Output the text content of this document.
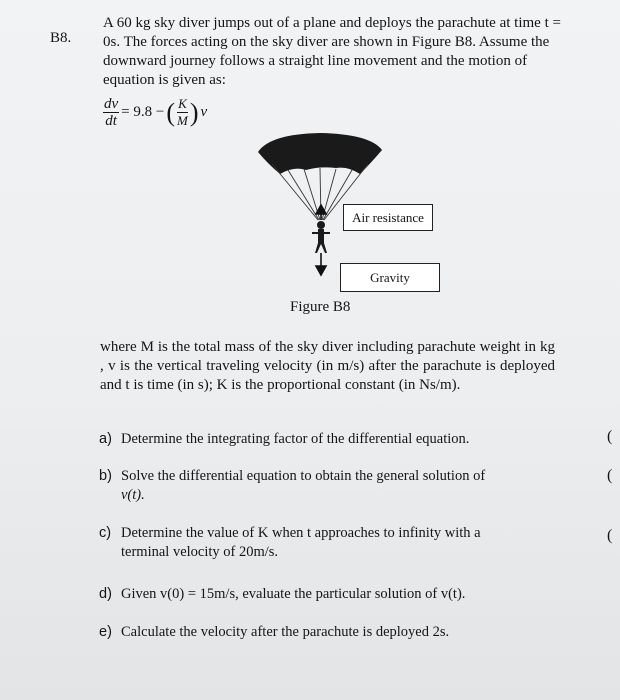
B8.
A 60 kg sky diver jumps out of a plane and deploys the parachute at time t = 0s. The forces acting on the sky diver are shown in Figure B8. Assume the downward journey follows a straight line movement and the motion of equation is given as:
$\frac{dv}{dt} = 9.8$ − ( $\frac{K}{M}$ ) v
Air resistance
Gravity
Figure B8
where M is the total mass of the sky diver including parachute weight in kg , v is the vertical traveling velocity (in m/s) after the parachute is deployed and t is time (in s); K is the proportional constant (in Ns/m).
a) Determine the integrating factor of the differential equation.
b) Solve the differential equation to obtain the general solution of
v(t).
c) Determine the value of K when t approaches to infinity with a
terminal velocity of 20m/s.
d) Given v(0) = 15m/s, evaluate the particular solution of v(t).
e) Calculate the velocity after the parachute is deployed 2s.
(
(
(
